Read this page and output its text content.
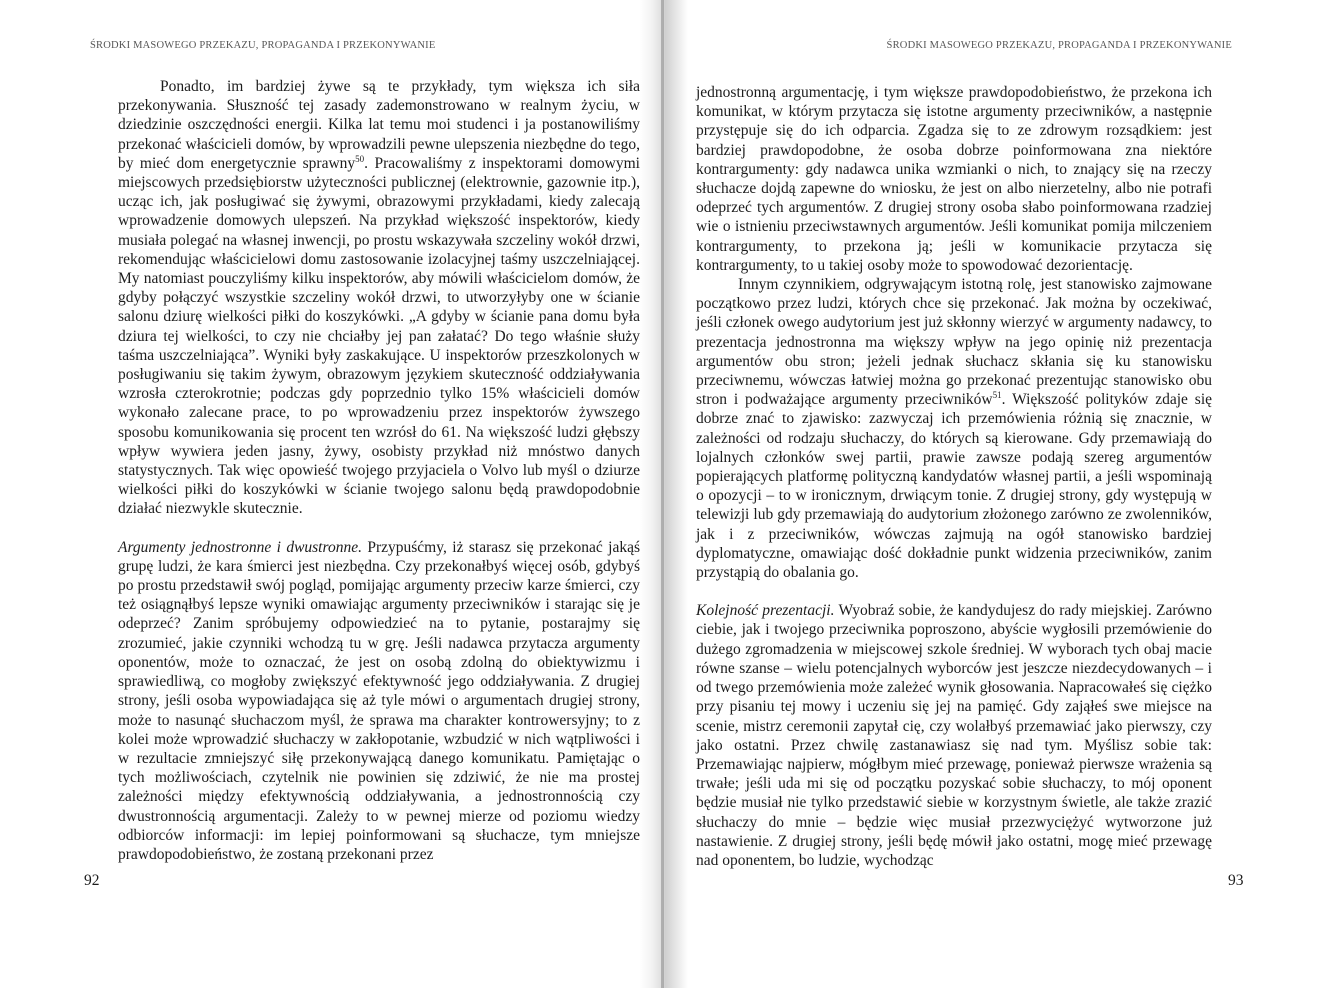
ŚRODKI MASOWEGO PRZEKAZU, PROPAGANDA I PRZEKONYWANIE

Ponadto, im bardziej żywe są te przykłady, tym większa ich siła przekonywania. Słuszność tej zasady zademonstrowano w realnym życiu, w dziedzinie oszczędności energii. Kilka lat temu moi studenci i ja postanowiliśmy przekonać właścicieli domów, by wprowadzili pewne ulepszenia niezbędne do tego, by mieć dom energetycznie sprawny$^{50}$. Pracowaliśmy z inspektorami domowymi miejscowych przedsiębiorstw użyteczności publicznej (elektrownie, gazownie itp.), ucząc ich, jak posługiwać się żywymi, obrazowymi przykładami, kiedy zalecają wprowadzenie domowych ulepszeń. Na przykład większość inspektorów, kiedy musiała polegać na własnej inwencji, po prostu wskazywała szczeliny wokół drzwi, rekomendując właścicielowi domu zastosowanie izolacyjnej taśmy uszczelniającej. My natomiast pouczyliśmy kilku inspektorów, aby mówili właścicielom domów, że gdyby połączyć wszystkie szczeliny wokół drzwi, to utworzyłyby one w ścianie salonu dziurę wielkości piłki do koszykówki. „A gdyby w ścianie pana domu była dziura tej wielkości, to czy nie chciałby jej pan załatać? Do tego właśnie służy taśma uszczelniająca”. Wyniki były zaskakujące. U inspektorów przeszkolonych w posługiwaniu się takim żywym, obrazowym językiem skuteczność oddziaływania wzrosła czterokrotnie; podczas gdy poprzednio tylko 15% właścicieli domów wykonało zalecane prace, to po wprowadzeniu przez inspektorów żywszego sposobu komunikowania się procent ten wzrósł do 61. Na większość ludzi głębszy wpływ wywiera jeden jasny, żywy, osobisty przykład niż mnóstwo danych statystycznych. Tak więc opowieść twojego przyjaciela o Volvo lub myśl o dziurze wielkości piłki do koszykówki w ścianie twojego salonu będą prawdopodobnie działać niezwykle skutecznie.

Argumenty jednostronne i dwustronne. Przypuśćmy, iż starasz się przekonać jakąś grupę ludzi, że kara śmierci jest niezbędna. Czy przekonałbyś więcej osób, gdybyś po prostu przedstawił swój pogląd, pomijając argumenty przeciw karze śmierci, czy też osiągnąłbyś lepsze wyniki omawiając argumenty przeciwników i starając się je odeprzeć? Zanim spróbujemy odpowiedzieć na to pytanie, postarajmy się zrozumieć, jakie czynniki wchodzą tu w grę. Jeśli nadawca przytacza argumenty oponentów, może to oznaczać, że jest on osobą zdolną do obiektywizmu i sprawiedliwą, co mogłoby zwiększyć efektywność jego oddziaływania. Z drugiej strony, jeśli osoba wypowiadająca się aż tyle mówi o argumentach drugiej strony, może to nasunąć słuchaczom myśl, że sprawa ma charakter kontrowersyjny; to z kolei może wprowadzić słuchaczy w zakłopotanie, wzbudzić w nich wątpliwości i w rezultacie zmniejszyć siłę przekonywającą danego komunikatu. Pamiętając o tych możliwościach, czytelnik nie powinien się zdziwić, że nie ma prostej zależności między efektywnością oddziaływania, a jednostronnością czy dwustronnością argumentacji. Zależy to w pewnej mierze od poziomu wiedzy odbiorców informacji: im lepiej poinformowani są słuchacze, tym mniejsze prawdopodobieństwo, że zostaną przekonani przez

92
ŚRODKI MASOWEGO PRZEKAZU, PROPAGANDA I PRZEKONYWANIE

jednostronną argumentację, i tym większe prawdopodobieństwo, że przekona ich komunikat, w którym przytacza się istotne argumenty przeciwników, a następnie przystępuje się do ich odparcia. Zgadza się to ze zdrowym rozsądkiem: jest bardziej prawdopodobne, że osoba dobrze poinformowana zna niektóre kontrargumenty: gdy nadawca unika wzmianki o nich, to znający się na rzeczy słuchacze dojdą zapewne do wniosku, że jest on albo nierzetelny, albo nie potrafi odeprzeć tych argumentów. Z drugiej strony osoba słabo poinformowana rzadziej wie o istnieniu przeciwstawnych argumentów. Jeśli komunikat pomija milczeniem kontrargumenty, to przekona ją; jeśli w komunikacie przytacza się kontrargumenty, to u takiej osoby może to spowodować dezorientację.

Innym czynnikiem, odgrywającym istotną rolę, jest stanowisko zajmowane początkowo przez ludzi, których chce się przekonać. Jak można by oczekiwać, jeśli członek owego audytorium jest już skłonny wierzyć w argumenty nadawcy, to prezentacja jednostronna ma większy wpływ na jego opinię niż prezentacja argumentów obu stron; jeżeli jednak słuchacz skłania się ku stanowisku przeciwnemu, wówczas łatwiej można go przekonać prezentując stanowisko obu stron i podważające argumenty przeciwników$^{51}$. Większość polityków zdaje się dobrze znać to zjawisko: zazwyczaj ich przemówienia różnią się znacznie, w zależności od rodzaju słuchaczy, do których są kierowane. Gdy przemawiają do lojalnych członków swej partii, prawie zawsze podają szereg argumentów popierających platformę polityczną kandydatów własnej partii, a jeśli wspominają o opozycji – to w ironicznym, drwiącym tonie. Z drugiej strony, gdy występują w telewizji lub gdy przemawiają do audytorium złożonego zarówno ze zwolenników, jak i z przeciwników, wówczas zajmują na ogół stanowisko bardziej dyplomatyczne, omawiając dość dokładnie punkt widzenia przeciwników, zanim przystąpią do obalania go.

Kolejność prezentacji. Wyobraź sobie, że kandydujesz do rady miejskiej. Zarówno ciebie, jak i twojego przeciwnika poproszono, abyście wygłosili przemówienie do dużego zgromadzenia w miejscowej szkole średniej. W wyborach tych obaj macie równe szanse – wielu potencjalnych wyborców jest jeszcze niezdecydowanych – i od twego przemówienia może zależeć wynik głosowania. Napracowałeś się ciężko przy pisaniu tej mowy i uczeniu się jej na pamięć. Gdy zająłeś swe miejsce na scenie, mistrz ceremonii zapytał cię, czy wolałbyś przemawiać jako pierwszy, czy jako ostatni. Przez chwilę zastanawiasz się nad tym. Myślisz sobie tak: Przemawiając najpierw, mógłbym mieć przewagę, ponieważ pierwsze wrażenia są trwałe; jeśli uda mi się od początku pozyskać sobie słuchaczy, to mój oponent będzie musiał nie tylko przedstawić siebie w korzystnym świetle, ale także zrazić słuchaczy do mnie – będzie więc musiał przezwyciężyć wytworzone już nastawienie. Z drugiej strony, jeśli będę mówił jako ostatni, mogę mieć przewagę nad oponentem, bo ludzie, wychodząc

93
